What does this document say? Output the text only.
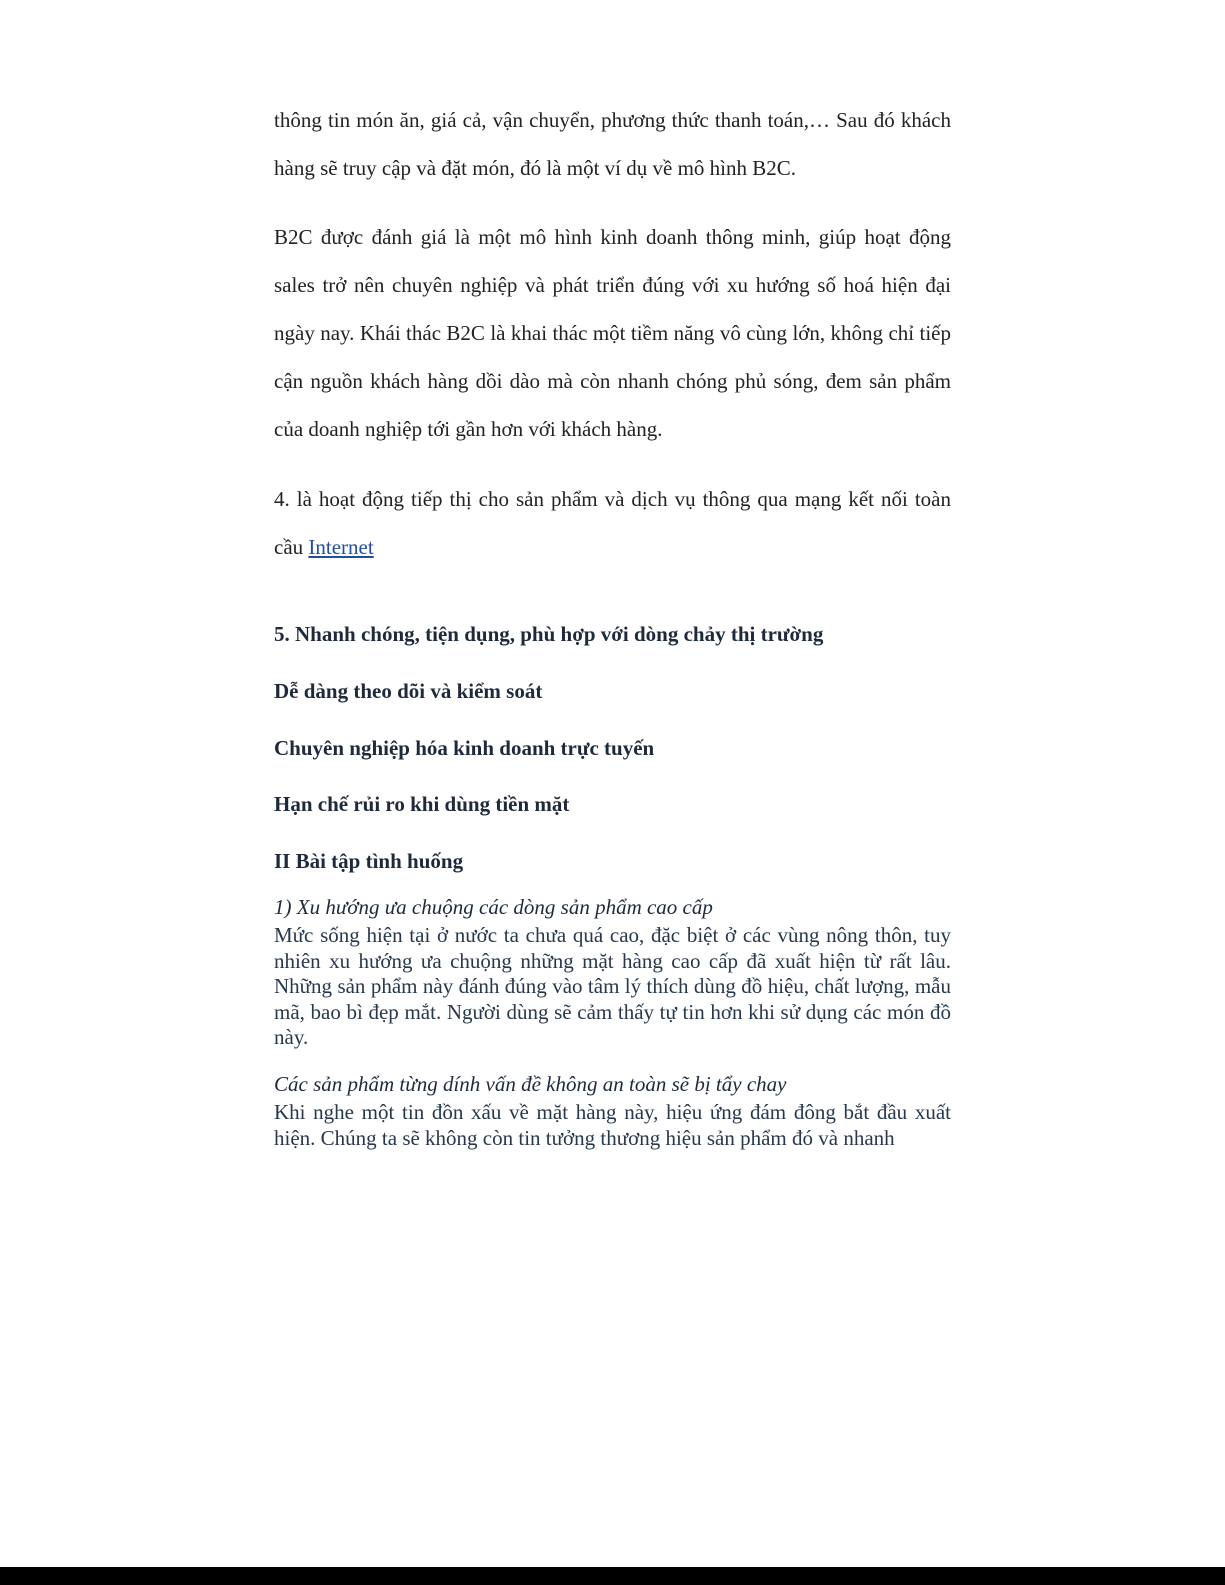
thông tin món ăn, giá cả, vận chuyển, phương thức thanh toán,… Sau đó khách hàng sẽ truy cập và đặt món, đó là một ví dụ về mô hình B2C.

B2C được đánh giá là một mô hình kinh doanh thông minh, giúp hoạt động sales trở nên chuyên nghiệp và phát triển đúng với xu hướng số hoá hiện đại ngày nay. Khái thác B2C là khai thác một tiềm năng vô cùng lớn, không chỉ tiếp cận nguồn khách hàng dồi dào mà còn nhanh chóng phủ sóng, đem sản phẩm của doanh nghiệp tới gần hơn với khách hàng.

4. là hoạt động tiếp thị cho sản phẩm và dịch vụ thông qua mạng kết nối toàn cầu Internet

5. Nhanh chóng, tiện dụng, phù hợp với dòng chảy thị trường
Dễ dàng theo dõi và kiểm soát
Chuyên nghiệp hóa kinh doanh trực tuyến
Hạn chế rủi ro khi dùng tiền mặt
II Bài tập tình huống

1) Xu hướng ưa chuộng các dòng sản phẩm cao cấp

Mức sống hiện tại ở nước ta chưa quá cao, đặc biệt ở các vùng nông thôn, tuy nhiên xu hướng ưa chuộng những mặt hàng cao cấp đã xuất hiện từ rất lâu. Những sản phẩm này đánh đúng vào tâm lý thích dùng đồ hiệu, chất lượng, mẫu mã, bao bì đẹp mắt. Người dùng sẽ cảm thấy tự tin hơn khi sử dụng các món đồ này.

Các sản phẩm từng dính vấn đề không an toàn sẽ bị tẩy chay

Khi nghe một tin đồn xấu về mặt hàng này, hiệu ứng đám đông bắt đầu xuất hiện. Chúng ta sẽ không còn tin tưởng thương hiệu sản phẩm đó và nhanh
